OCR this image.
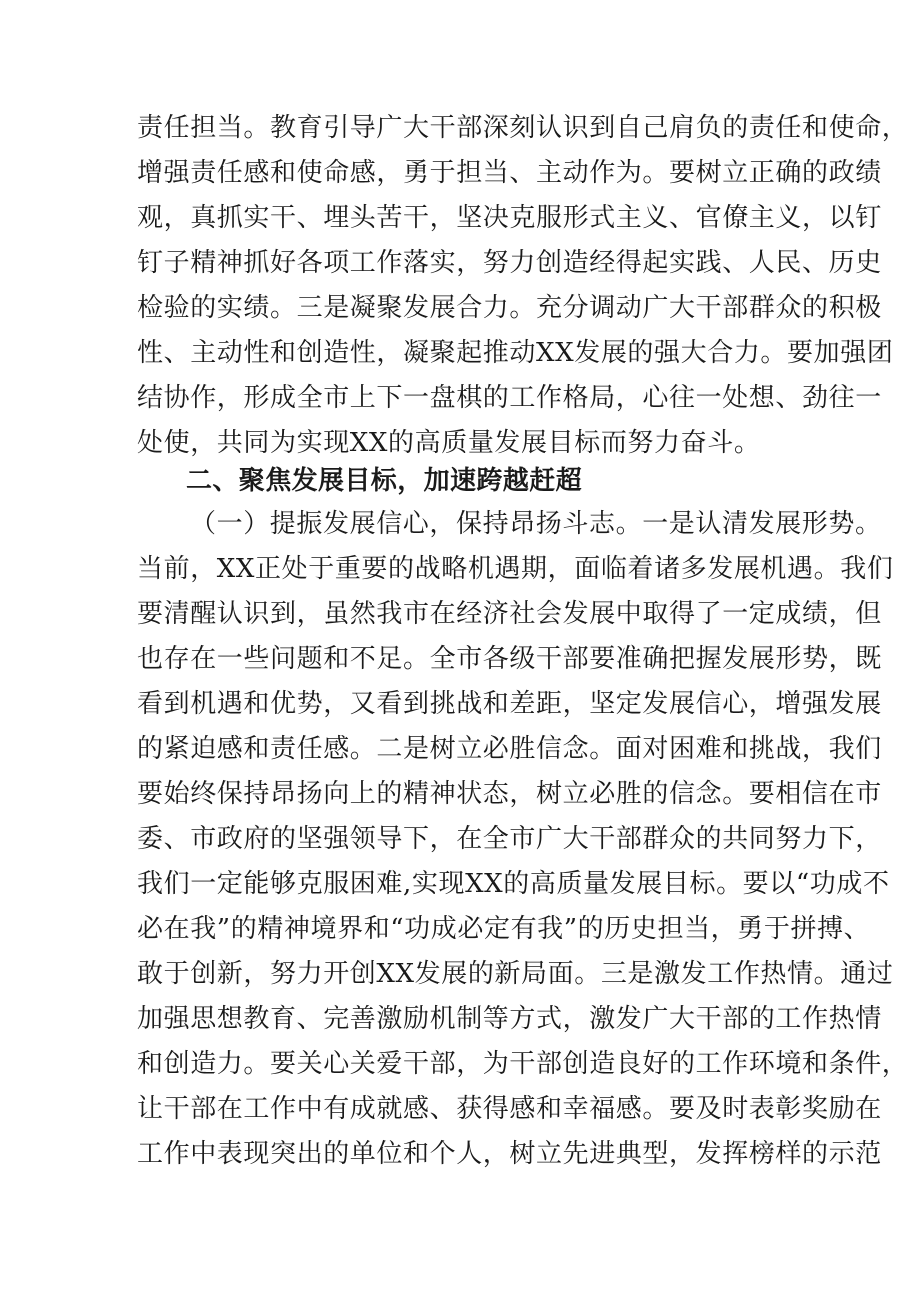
责任担当。教育引导广大干部深刻认识到自己肩负的责任和使命，
增强责任感和使命感，勇于担当、主动作为。要树立正确的政绩
观，真抓实干、埋头苦干，坚决克服形式主义、官僚主义，以钉
钉子精神抓好各项工作落实，努力创造经得起实践、人民、历史
检验的实绩。三是凝聚发展合力。充分调动广大干部群众的积极
性、主动性和创造性，凝聚起推动XX发展的强大合力。要加强团
结协作，形成全市上下一盘棋的工作格局，心往一处想、劲往一
处使，共同为实现XX的高质量发展目标而努力奋斗。
二、聚焦发展目标，加速跨越赶超
（一）提振发展信心，保持昂扬斗志。一是认清发展形势。
当前，XX正处于重要的战略机遇期，面临着诸多发展机遇。我们
要清醒认识到，虽然我市在经济社会发展中取得了一定成绩，但
也存在一些问题和不足。全市各级干部要准确把握发展形势，既
看到机遇和优势，又看到挑战和差距，坚定发展信心，增强发展
的紧迫感和责任感。二是树立必胜信念。面对困难和挑战，我们
要始终保持昂扬向上的精神状态，树立必胜的信念。要相信在市
委、市政府的坚强领导下，在全市广大干部群众的共同努力下，
我们一定能够克服困难,实现XX的高质量发展目标。要以“功成不
必在我”的精神境界和“功成必定有我”的历史担当，勇于拼搏、
敢于创新，努力开创XX发展的新局面。三是激发工作热情。通过
加强思想教育、完善激励机制等方式，激发广大干部的工作热情
和创造力。要关心关爱干部，为干部创造良好的工作环境和条件，
让干部在工作中有成就感、获得感和幸福感。要及时表彰奖励在
工作中表现突出的单位和个人，树立先进典型，发挥榜样的示范
